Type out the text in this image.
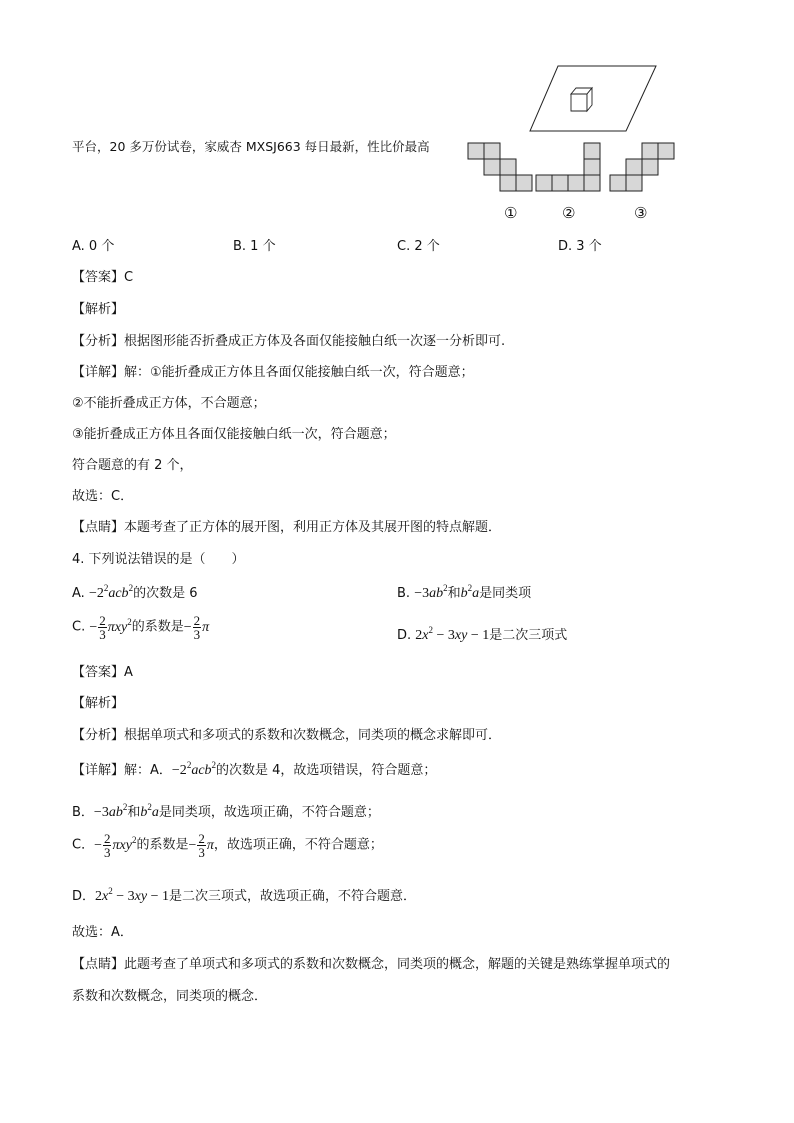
平台，20 多万份试卷，家威杏 MXSJ663 每日最新，性比价最高
①	②	③
A. 0 个	B. 1 个	C. 2 个	D. 3 个
【答案】C
【解析】
【分析】根据图形能否折叠成正方体及各面仅能接触白纸一次逐一分析即可.
【详解】解：①能折叠成正方体且各面仅能接触白纸一次，符合题意；
②不能折叠成正方体，不合题意；
③能折叠成正方体且各面仅能接触白纸一次，符合题意；
符合题意的有 2 个，
故选：C．
【点睛】本题考查了正方体的展开图，利用正方体及其展开图的特点解题．
4. 下列说法错误的是（　　）
A. $-2^2acb^2$的次数是 6	B. $-3ab^2$和$b^2a$是同类项
C. − $\frac{2}{3} \pi xy^2$的系数是− $\frac{2}{3}$ π
D. $2x^2 - 3xy - 1$是二次三项式
【答案】A
【解析】
【分析】根据单项式和多项式的系数和次数概念，同类项的概念求解即可．
【详解】解：A．$-2^2acb^2$的次数是 4，故选项错误，符合题意；
B．$-3ab^2$和$b^2a$是同类项，故选项正确，不符合题意；
C．− $\frac{2}{3} \pi xy^2$的系数是− $\frac{2}{3}$ π，故选项正确，不符合题意；
D．$2x^2 - 3xy - 1$是二次三项式，故选项正确，不符合题意．
故选：A．
【点睛】此题考查了单项式和多项式的系数和次数概念，同类项的概念，解题的关键是熟练掌握单项式的
系数和次数概念，同类项的概念．
